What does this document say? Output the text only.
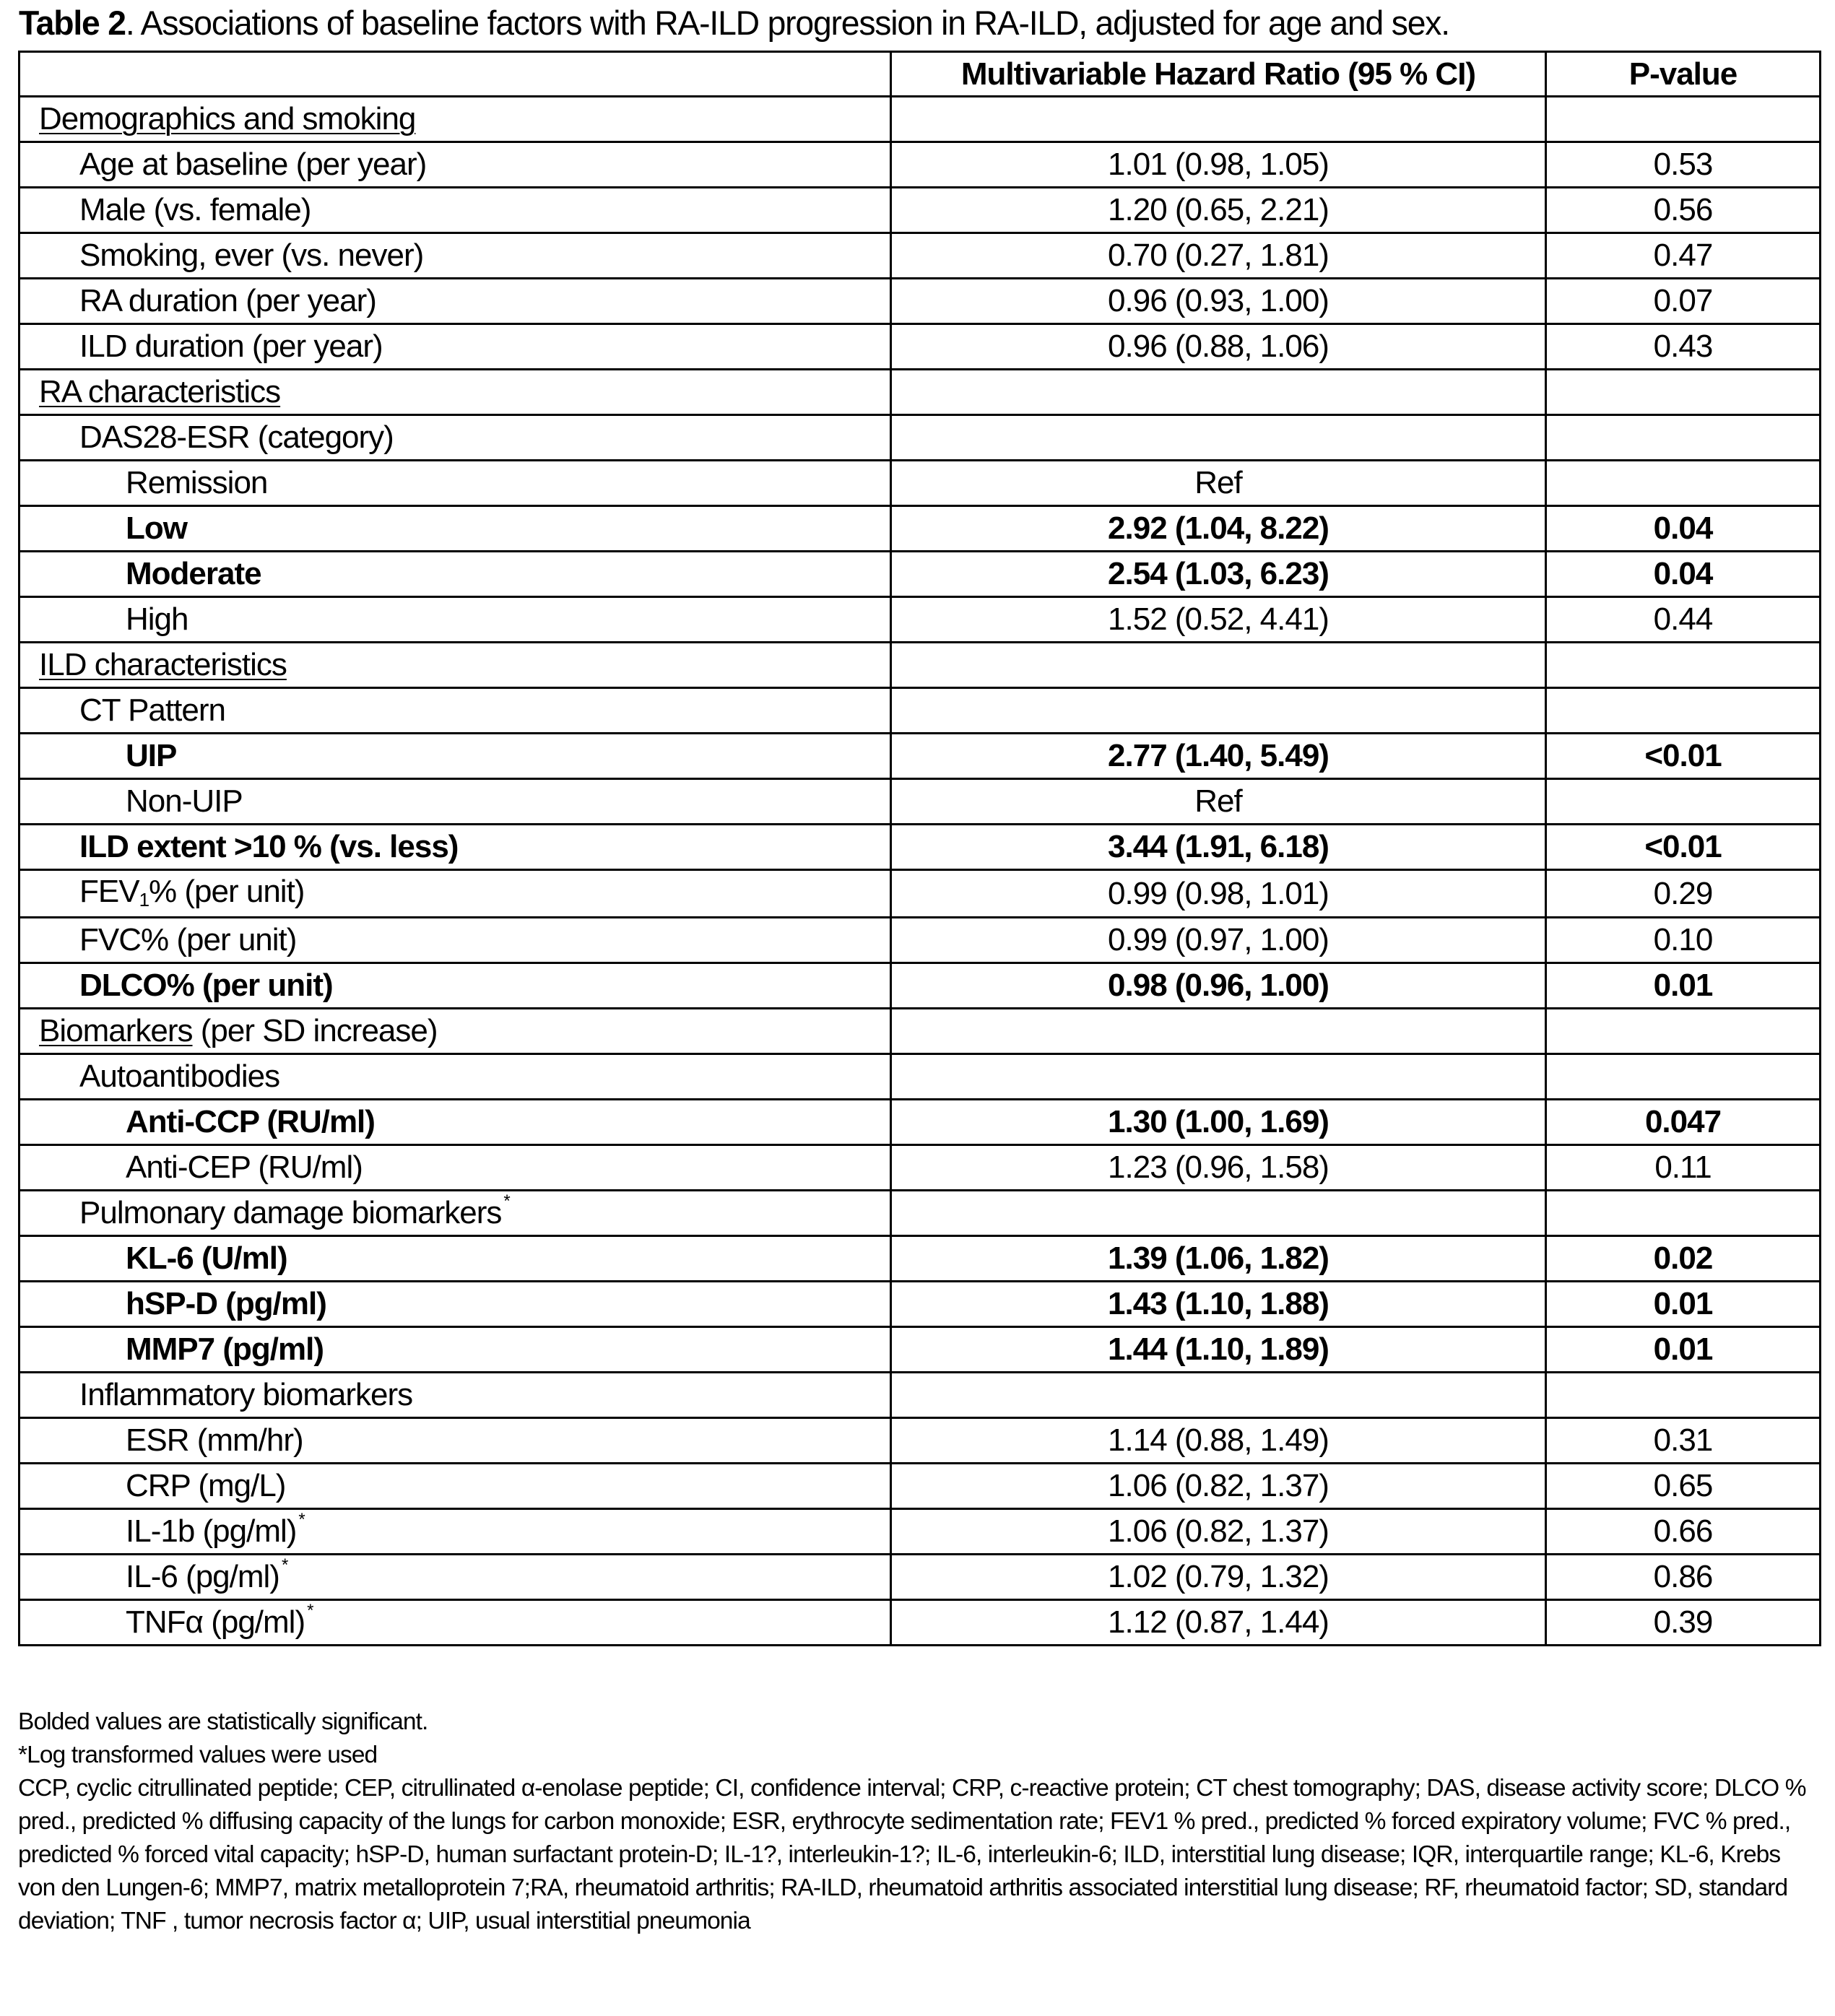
Table 2. Associations of baseline factors with RA-ILD progression in RA-ILD, adjusted for age and sex.
	Multivariable Hazard Ratio (95 % CI)	P-value
Demographics and smoking		
Age at baseline (per year)	1.01 (0.98, 1.05)	0.53
Male (vs. female)	1.20 (0.65, 2.21)	0.56
Smoking, ever (vs. never)	0.70 (0.27, 1.81)	0.47
RA duration (per year)	0.96 (0.93, 1.00)	0.07
ILD duration (per year)	0.96 (0.88, 1.06)	0.43
RA characteristics		
DAS28-ESR (category)		
Remission	Ref	
Low	2.92 (1.04, 8.22)	0.04
Moderate	2.54 (1.03, 6.23)	0.04
High	1.52 (0.52, 4.41)	0.44
ILD characteristics		
CT Pattern		
UIP	2.77 (1.40, 5.49)	<0.01
Non-UIP	Ref	
ILD extent >10 % (vs. less)	3.44 (1.91, 6.18)	<0.01
$FEV_1\%$ (per unit)	0.99 (0.98, 1.01)	0.29
FVC% (per unit)	0.99 (0.97, 1.00)	0.10
DLCO% (per unit)	0.98 (0.96, 1.00)	0.01
Biomarkers (per SD increase)		
Autoantibodies		
Anti-CCP (RU/ml)	1.30 (1.00, 1.69)	0.047
Anti-CEP (RU/ml)	1.23 (0.96, 1.58)	0.11
Pulmonary damage biomarkers *		
KL-6 (U/ml)	1.39 (1.06, 1.82)	0.02
hSP-D (pg/ml)	1.43 (1.10, 1.88)	0.01
MMP7 (pg/ml)	1.44 (1.10, 1.89)	0.01
Inflammatory biomarkers		
ESR (mm/hr)	1.14 (0.88, 1.49)	0.31
CRP (mg/L)	1.06 (0.82, 1.37)	0.65
IL-1b (pg/ml) *	1.06 (0.82, 1.37)	0.66
IL-6 (pg/ml) *	1.02 (0.79, 1.32)	0.86
TNFα (pg/ml) *	1.12 (0.87, 1.44)	0.39
Bolded values are statistically significant.
*Log transformed values were used
CCP, cyclic citrullinated peptide; CEP, citrullinated α-enolase peptide; CI, confidence interval; CRP, c-reactive protein; CT chest tomography; DAS, disease activity score; DLCO % pred., predicted % diffusing capacity of the lungs for carbon monoxide; ESR, erythrocyte sedimentation rate; FEV1 % pred., predicted % forced expiratory volume; FVC % pred., predicted % forced vital capacity; hSP-D, human surfactant protein-D; IL-1?, interleukin-1?; IL-6, interleukin-6; ILD, interstitial lung disease; IQR, interquartile range; KL-6, Krebs von den Lungen-6; MMP7, matrix metalloprotein 7;RA, rheumatoid arthritis; RA-ILD, rheumatoid arthritis associated interstitial lung disease; RF, rheumatoid factor; SD, standard deviation; TNF , tumor necrosis factor α; UIP, usual interstitial pneumonia
